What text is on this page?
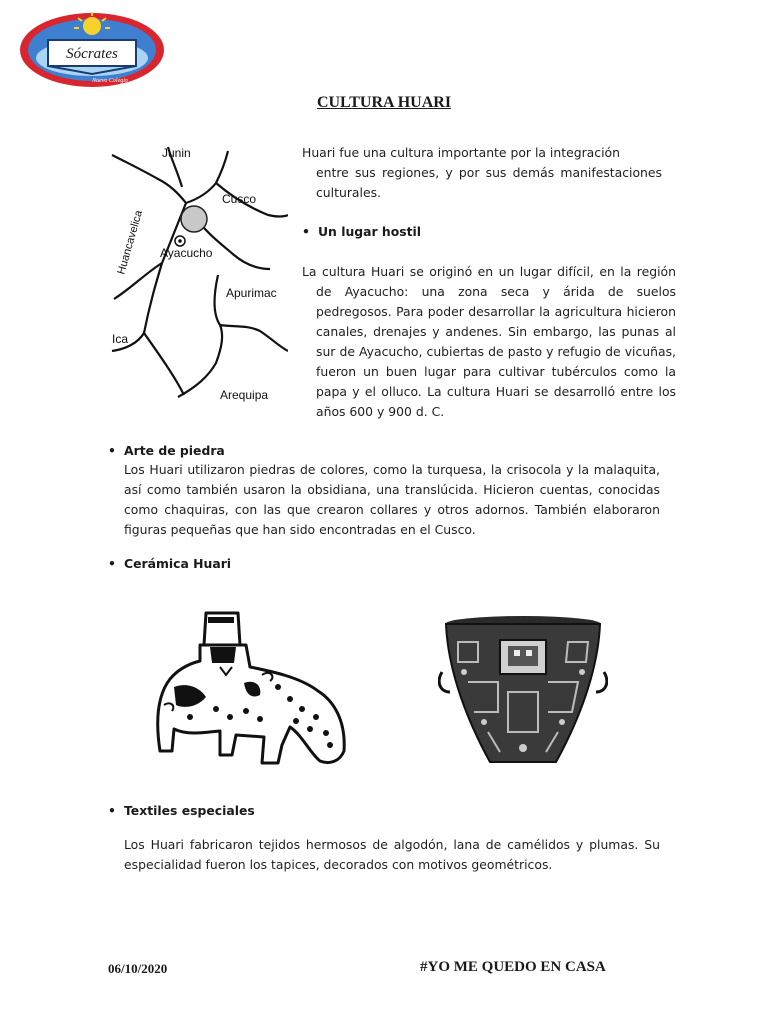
Sócrates
Nuevo Colegio
CULTURA HUARI
Junin
Cusco
Huancavelica Ayacucho
Apurimac
Ica
Arequipa
Huari fue una cultura importante por la integración
entre sus regiones, y por sus demás manifestaciones culturales.
• Un lugar hostil
La cultura Huari se originó en un lugar difícil, en la región de Ayacucho: una zona seca y árida de suelos pedregosos. Para poder desarrollar la agricultura hicieron canales, drenajes y andenes. Sin embargo, las punas al sur de Ayacucho, cubiertas de pasto y refugio de vicuñas, fueron un buen lugar para cultivar tubérculos como la papa y el olluco. La cultura Huari se desarrolló entre los años 600 y 900 d. C.
• Arte de piedra
Los Huari utilizaron piedras de colores, como la turquesa, la crisocola y la malaquita, así como también usaron la obsidiana, una translúcida. Hicieron cuentas, conocidas como chaquiras, con las que crearon collares y otros adornos. También elaboraron figuras pequeñas que han sido encontradas en el Cusco.
• Cerámica Huari
• Textiles especiales
Los Huari fabricaron tejidos hermosos de algodón, lana de camélidos y plumas. Su especialidad fueron los tapices, decorados con motivos geométricos.
06/10/2020	#YO ME QUEDO EN CASA
